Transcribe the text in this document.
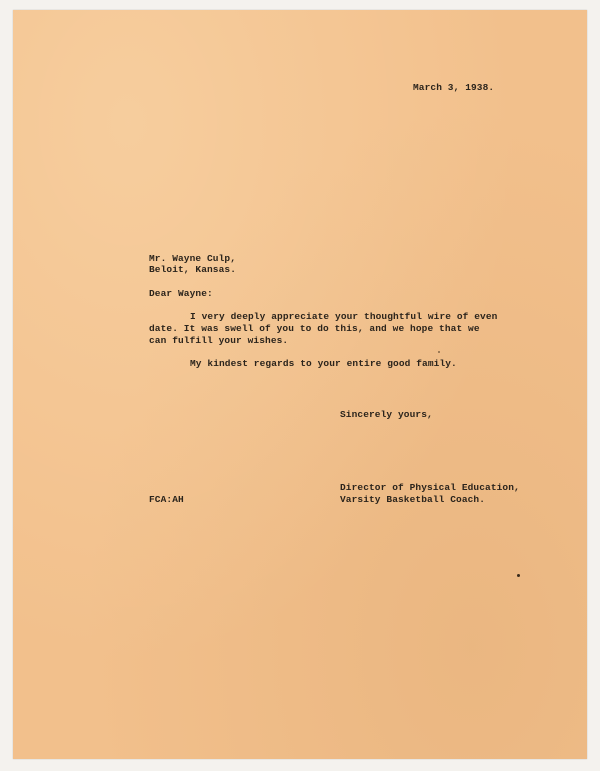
March 3, 1938.

Mr. Wayne Culp,

Beloit, Kansas.

Dear Wayne:

I very deeply appreciate your thoughtful wire of even

date. It was swell of you to do this, and we hope that we

can fulfill your wishes.

My kindest regards to your entire good family.

Sincerely yours,

Director of Physical Education,

Varsity Basketball Coach.

FCA:AH
